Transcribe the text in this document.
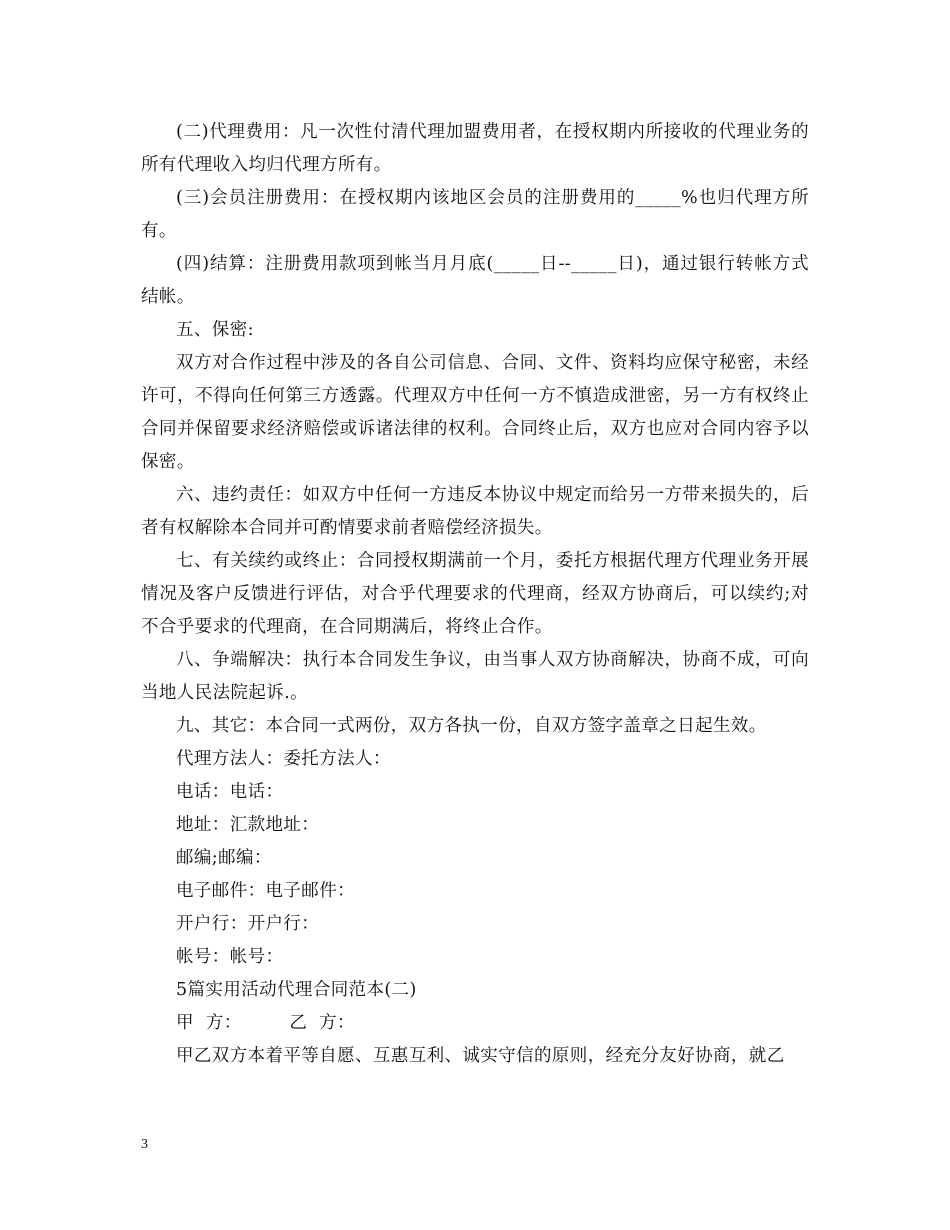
(二)代理费用：凡一次性付清代理加盟费用者，在授权期内所接收的代理业务的所有代理收入均归代理方所有。

(三)会员注册费用：在授权期内该地区会员的注册费用的_____%也归代理方所有。

(四)结算：注册费用款项到帐当月月底(_____日--_____日)，通过银行转帐方式结帐。

五、保密:

双方对合作过程中涉及的各自公司信息、合同、文件、资料均应保守秘密，未经许可，不得向任何第三方透露。代理双方中任何一方不慎造成泄密，另一方有权终止合同并保留要求经济赔偿或诉诸法律的权利。合同终止后，双方也应对合同内容予以保密。

六、违约责任：如双方中任何一方违反本协议中规定而给另一方带来损失的，后者有权解除本合同并可酌情要求前者赔偿经济损失。

七、有关续约或终止：合同授权期满前一个月，委托方根据代理方代理业务开展情况及客户反馈进行评估，对合乎代理要求的代理商，经双方协商后，可以续约;对不合乎要求的代理商，在合同期满后，将终止合作。

八、争端解决：执行本合同发生争议，由当事人双方协商解决，协商不成，可向当地人民法院起诉.。

九、其它：本合同一式两份，双方各执一份，自双方签字盖章之日起生效。

代理方法人：委托方法人：

电话：电话：

地址：汇款地址：

邮编;邮编：

电子邮件：电子邮件：

开户行：开户行：

帐号：帐号：

5篇实用活动代理合同范本(二)

甲  方：        乙  方：

甲乙双方本着平等自愿、互惠互利、诚实守信的原则，经充分友好协商，就乙

3
